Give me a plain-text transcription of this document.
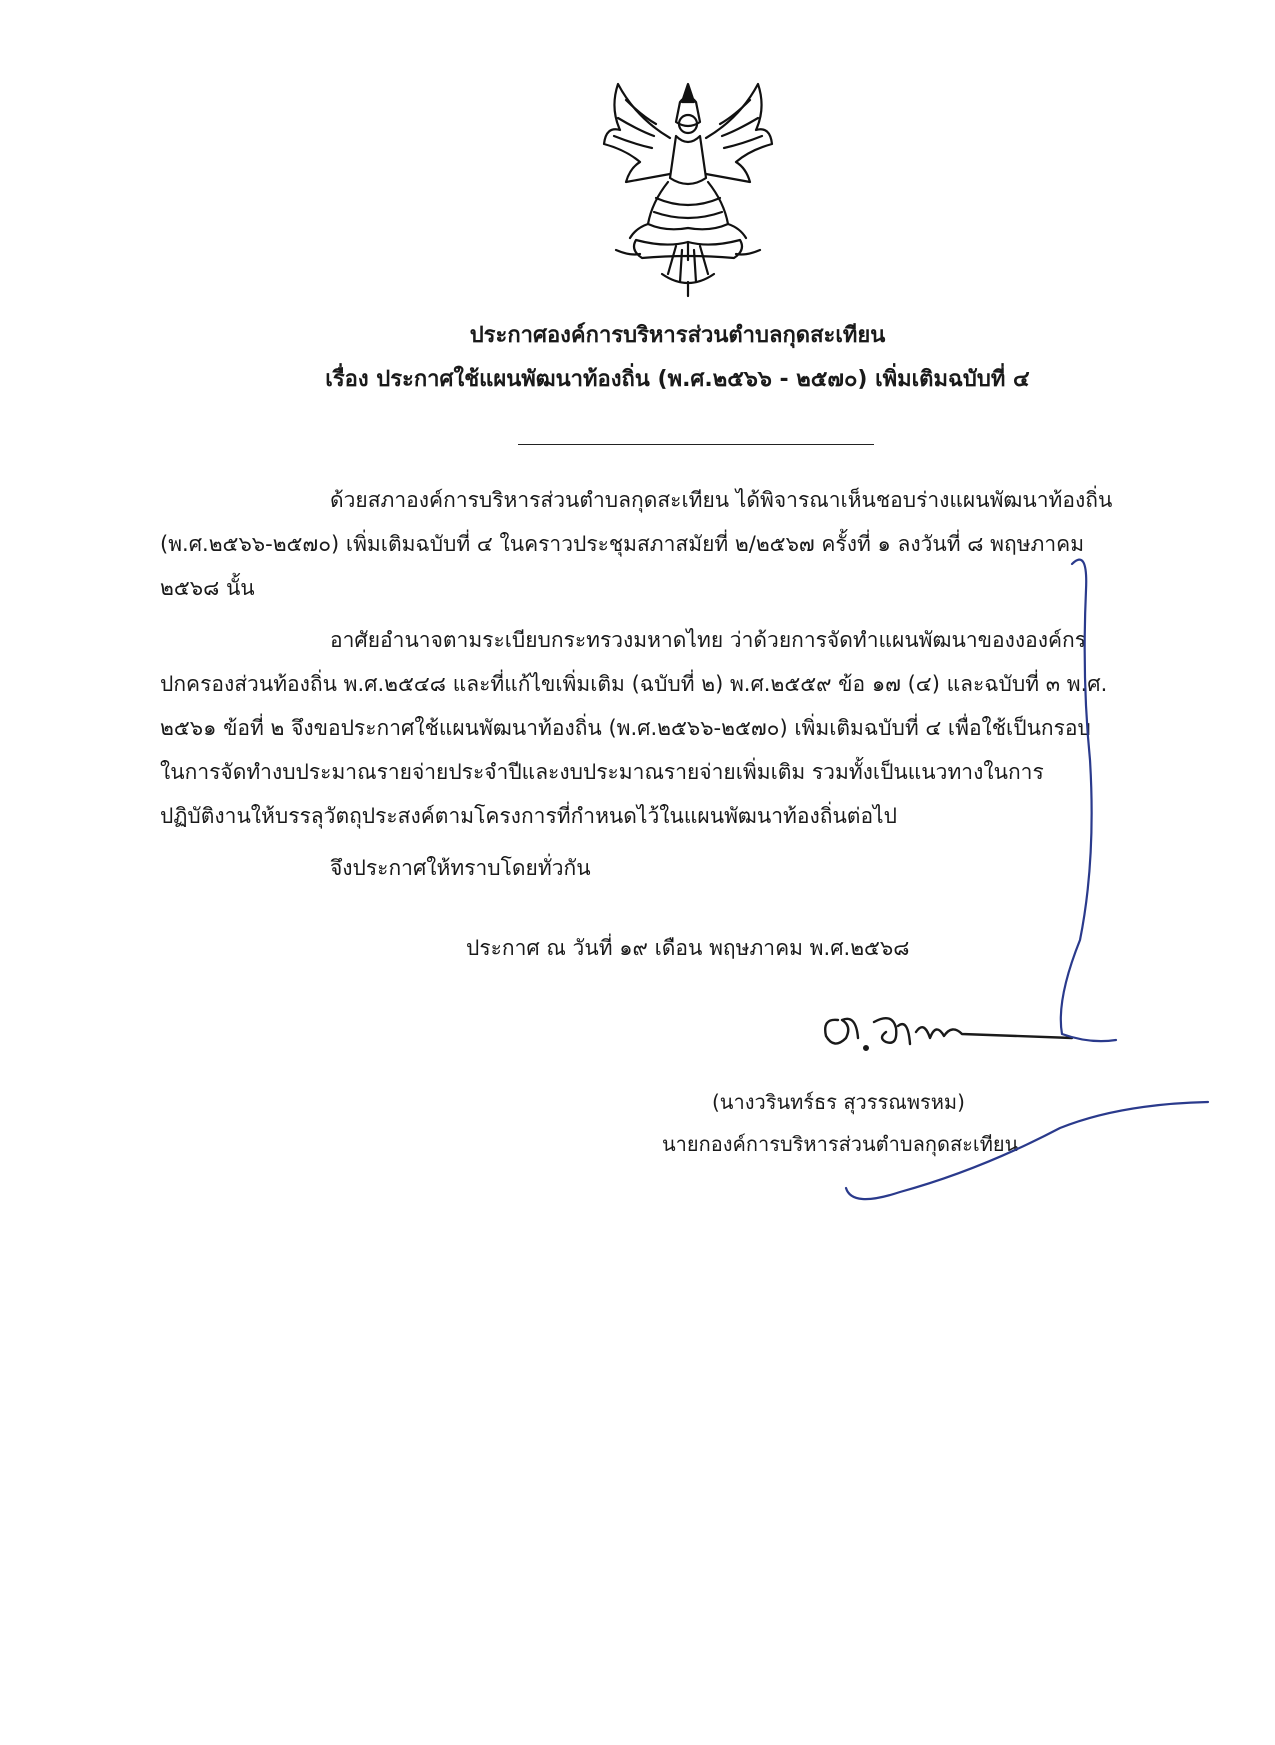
ประกาศองค์การบริหารส่วนตำบลกุดสะเทียน
เรื่อง ประกาศใช้แผนพัฒนาท้องถิ่น (พ.ศ.๒๕๖๖ - ๒๕๗๐) เพิ่มเติมฉบับที่ ๔
ด้วยสภาองค์การบริหารส่วนตำบลกุดสะเทียน ได้พิจารณาเห็นชอบร่างแผนพัฒนาท้องถิ่น
(พ.ศ.๒๕๖๖-๒๕๗๐) เพิ่มเติมฉบับที่ ๔ ในคราวประชุมสภาสมัยที่ ๒/๒๕๖๗ ครั้งที่ ๑ ลงวันที่ ๘ พฤษภาคม
๒๕๖๘ นั้น
อาศัยอำนาจตามระเบียบกระทรวงมหาดไทย ว่าด้วยการจัดทำแผนพัฒนาของงองค์กร
ปกครองส่วนท้องถิ่น พ.ศ.๒๕๔๘ และที่แก้ไขเพิ่มเติม (ฉบับที่ ๒) พ.ศ.๒๕๕๙ ข้อ ๑๗ (๔) และฉบับที่ ๓ พ.ศ.
๒๕๖๑ ข้อที่ ๒ จึงขอประกาศใช้แผนพัฒนาท้องถิ่น (พ.ศ.๒๕๖๖-๒๕๗๐) เพิ่มเติมฉบับที่ ๔ เพื่อใช้เป็นกรอบ
ในการจัดทำงบประมาณรายจ่ายประจำปีและงบประมาณรายจ่ายเพิ่มเติม รวมทั้งเป็นแนวทางในการ
ปฏิบัติงานให้บรรลุวัตถุประสงค์ตามโครงการที่กำหนดไว้ในแผนพัฒนาท้องถิ่นต่อไป
จึงประกาศให้ทราบโดยทั่วกัน
ประกาศ ณ วันที่ ๑๙ เดือน พฤษภาคม พ.ศ.๒๕๖๘
(นางวรินทร์ธร สุวรรณพรหม)
นายกองค์การบริหารส่วนตำบลกุดสะเทียน
